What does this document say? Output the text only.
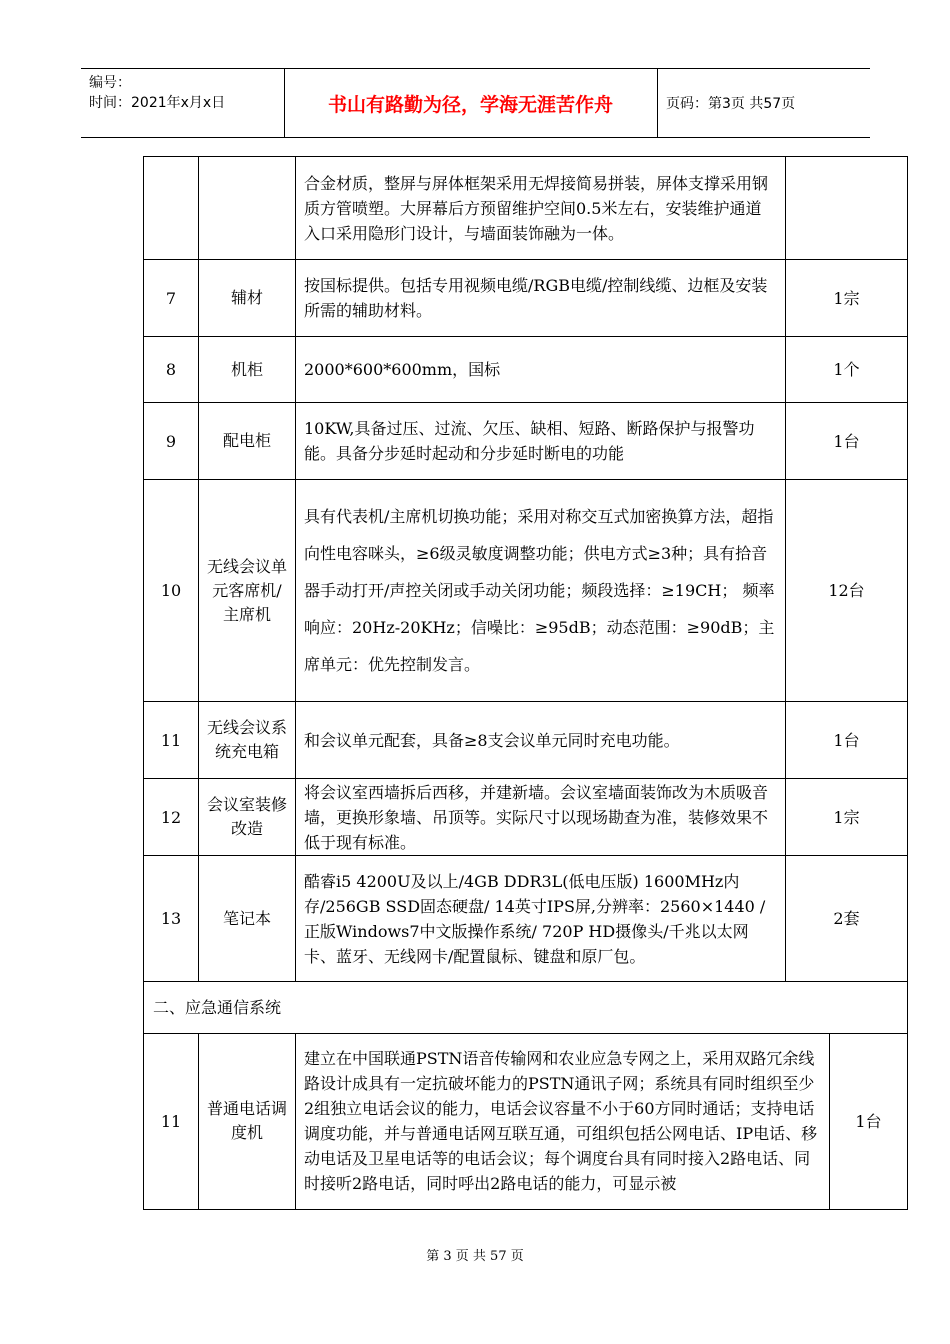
编号：
时间：2021年x月x日	书山有路勤为径，学海无涯苦作舟	页码：第3页 共57页
		合金材质，整屏与屏体框架采用无焊接简易拼装，屏体支撑采用钢质方管喷塑。大屏幕后方预留维护空间0.5米左右，安装维护通道入口采用隐形门设计，与墙面装饰融为一体。	
7	辅材	按国标提供。包括专用视频电缆/RGB电缆/控制线缆、边框及安装所需的辅助材料。	1宗
8	机柜	2000*600*600mm，国标	1个
9	配电柜	10KW,具备过压、过流、欠压、缺相、短路、断路保护与报警功能。具备分步延时起动和分步延时断电的功能	1台
10	无线会议单元客席机/主席机	具有代表机/主席机切换功能；采用对称交互式加密换算方法，超指向性电容咪头，≥6级灵敏度调整功能；供电方式≥3种；具有拾音器手动打开/声控关闭或手动关闭功能；频段选择：≥19CH； 频率响应：20Hz-20KHz；信噪比：≥95dB；动态范围：≥90dB；主席单元：优先控制发言。	12台
11	无线会议系统充电箱	和会议单元配套，具备≥8支会议单元同时充电功能。	1台
12	会议室装修改造	将会议室西墙拆后西移，并建新墙。会议室墙面装饰改为木质吸音墙，更换形象墙、吊顶等。实际尺寸以现场勘查为准，装修效果不低于现有标准。	1宗
13	笔记本	酷睿i5 4200U及以上/4GB DDR3L(低电压版) 1600MHz内存/256GB SSD固态硬盘/ 14英寸IPS屏,分辨率：2560×1440 /正版Windows7中文版操作系统/ 720P HD摄像头/千兆以太网卡、蓝牙、无线网卡/配置鼠标、键盘和原厂包。	2套
二、应急通信系统			
11	普通电话调度机	建立在中国联通PSTN语音传输网和农业应急专网之上，采用双路冗余线路设计成具有一定抗破坏能力的PSTN通讯子网；系统具有同时组织至少2组独立电话会议的能力，电话会议容量不小于60方同时通话；支持电话调度功能，并与普通电话网互联互通，可组织包括公网电话、IP电话、移动电话及卫星电话等的电话会议；每个调度台具有同时接入2路电话、同时接听2路电话，同时呼出2路电话的能力，可显示被	1台
第 3 页 共 57 页
